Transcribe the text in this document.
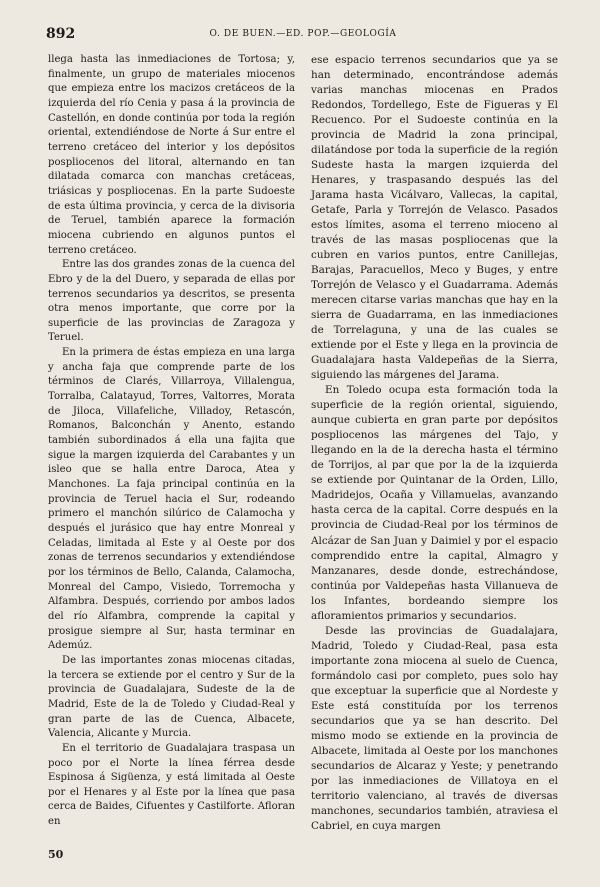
892	O. DE BUEN.—ED. POP.—GEOLOGÍA

llega hasta las inmediaciones de Tortosa; y, finalmente, un grupo de materiales miocenos que empieza entre los macizos cretáceos de la izquierda del río Cenia y pasa á la provincia de Castellón, en donde continúa por toda la región oriental, extendiéndose de Norte á Sur entre el terreno cretáceo del interior y los depósitos pospliocenos del litoral, alternando en tan dilatada comarca con manchas cretáceas, triásicas y pospliocenas. En la parte Sudoeste de esta última provincia, y cerca de la divisoria de Teruel, también aparece la formación miocena cubriendo en algunos puntos el terreno cretáceo.

Entre las dos grandes zonas de la cuenca del Ebro y de la del Duero, y separada de ellas por terrenos secundarios ya descritos, se presenta otra menos importante, que corre por la superficie de las provincias de Zaragoza y Teruel.

En la primera de éstas empieza en una larga y ancha faja que comprende parte de los términos de Clarés, Villarroya, Villalengua, Torralba, Calatayud, Torres, Valtorres, Morata de Jiloca, Villafeliche, Villadoy, Retascón, Romanos, Balconchán y Anento, estando también subordinados á ella una fajita que sigue la margen izquierda del Carabantes y un isleo que se halla entre Daroca, Atea y Manchones. La faja principal continúa en la provincia de Teruel hacia el Sur, rodeando primero el manchón silúrico de Calamocha y después el jurásico que hay entre Monreal y Celadas, limitada al Este y al Oeste por dos zonas de terrenos secundarios y extendiéndose por los términos de Bello, Calanda, Calamocha, Monreal del Campo, Visiedo, Torremocha y Alfambra. Después, corriendo por ambos lados del río Alfambra, comprende la capital y prosigue siempre al Sur, hasta terminar en Ademúz.

De las importantes zonas miocenas citadas, la tercera se extiende por el centro y Sur de la provincia de Guadalajara, Sudeste de la de Madrid, Este de la de Toledo y Ciudad-Real y gran parte de las de Cuenca, Albacete, Valencia, Alicante y Murcia.

En el territorio de Guadalajara traspasa un poco por el Norte la línea férrea desde Espinosa á Sigüenza, y está limitada al Oeste por el Henares y al Este por la línea que pasa cerca de Baides, Cifuentes y Castilforte. Afloran en

ese espacio terrenos secundarios que ya se han determinado, encontrándose además varias manchas miocenas en Prados Redondos, Tordellego, Este de Figueras y El Recuenco. Por el Sudoeste continúa en la provincia de Madrid la zona principal, dilatándose por toda la superficie de la región Sudeste hasta la margen izquierda del Henares, y traspasando después las del Jarama hasta Vicálvaro, Vallecas, la capital, Getafe, Parla y Torrejón de Velasco. Pasados estos límites, asoma el terreno mioceno al través de las masas pospliocenas que la cubren en varios puntos, entre Canillejas, Barajas, Paracuellos, Meco y Buges, y entre Torrejón de Velasco y el Guadarrama. Además merecen citarse varias manchas que hay en la sierra de Guadarrama, en las inmediaciones de Torrelaguna, y una de las cuales se extiende por el Este y llega en la provincia de Guadalajara hasta Valdepeñas de la Sierra, siguiendo las márgenes del Jarama.

En Toledo ocupa esta formación toda la superficie de la región oriental, siguiendo, aunque cubierta en gran parte por depósitos pospliocenos las márgenes del Tajo, y llegando en la de la derecha hasta el término de Torrijos, al par que por la de la izquierda se extiende por Quintanar de la Orden, Lillo, Madridejos, Ocaña y Villamuelas, avanzando hasta cerca de la capital. Corre después en la provincia de Ciudad-Real por los términos de Alcázar de San Juan y Daimiel y por el espacio comprendido entre la capital, Almagro y Manzanares, desde donde, estrechándose, continúa por Valdepeñas hasta Villanueva de los Infantes, bordeando siempre los afloramientos primarios y secundarios.

Desde las provincias de Guadalajara, Madrid, Toledo y Ciudad-Real, pasa esta importante zona miocena al suelo de Cuenca, formándolo casi por completo, pues solo hay que exceptuar la superficie que al Nordeste y Este está constituída por los terrenos secundarios que ya se han descrito. Del mismo modo se extiende en la provincia de Albacete, limitada al Oeste por los manchones secundarios de Alcaraz y Yeste; y penetrando por las inmediaciones de Villatoya en el territorio valenciano, al través de diversas manchones, secundarios también, atraviesa el Cabriel, en cuya margen

50
